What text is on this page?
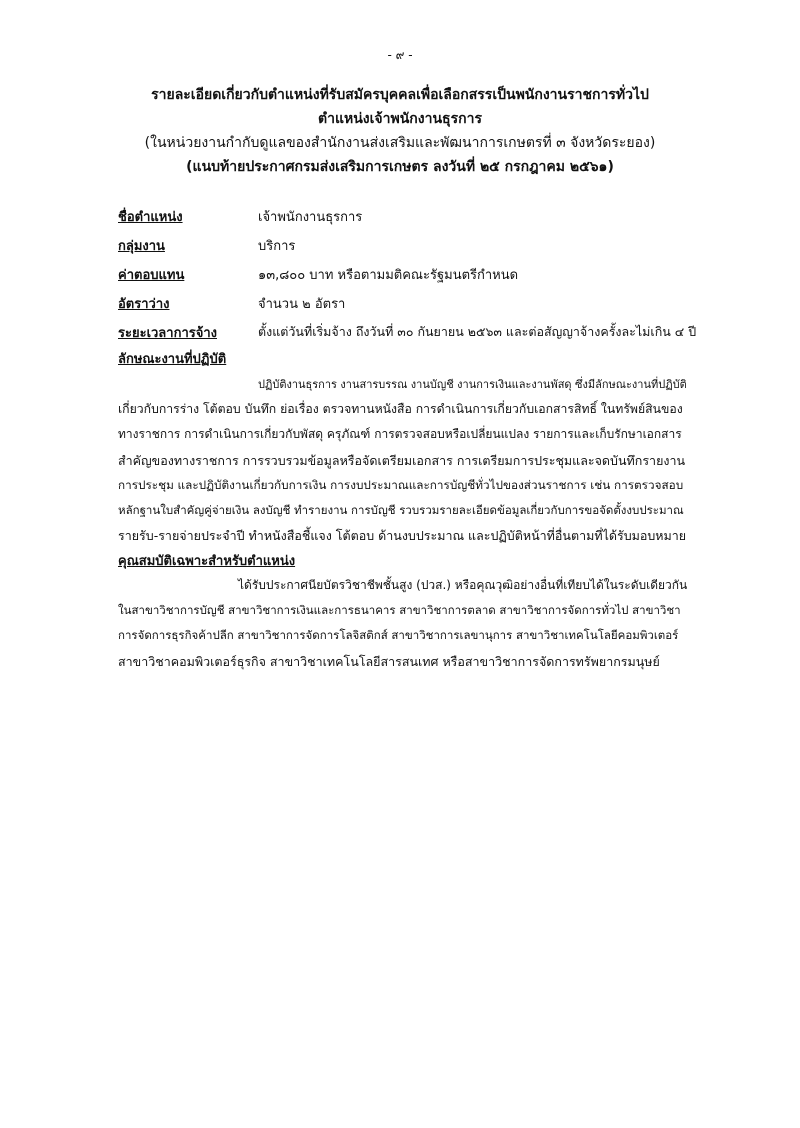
- ๙ -
รายละเอียดเกี่ยวกับตำแหน่งที่รับสมัครบุคคลเพื่อเลือกสรรเป็นพนักงานราชการทั่วไป
ตำแหน่งเจ้าพนักงานธุรการ
(ในหน่วยงานกำกับดูแลของสำนักงานส่งเสริมและพัฒนาการเกษตรที่ ๓ จังหวัดระยอง)
(แนบท้ายประกาศกรมส่งเสริมการเกษตร ลงวันที่ ๒๕ กรกฎาคม ๒๕๖๑)
ชื่อตำแหน่ง	เจ้าพนักงานธุรการ
กลุ่มงาน	บริการ
ค่าตอบแทน	๑๓,๘๐๐ บาท หรือตามมติคณะรัฐมนตรีกำหนด
อัตราว่าง	จำนวน ๒ อัตรา
ระยะเวลาการจ้าง	ตั้งแต่วันที่เริ่มจ้าง ถึงวันที่ ๓๐ กันยายน ๒๕๖๓ และต่อสัญญาจ้างครั้งละไม่เกิน ๔ ปี
ลักษณะงานที่ปฏิบัติ
ปฏิบัติงานธุรการ งานสารบรรณ งานบัญชี งานการเงินและงานพัสดุ ซึ่งมีลักษณะงานที่ปฏิบัติ
เกี่ยวกับการร่าง โต้ตอบ บันทึก ย่อเรื่อง ตรวจทานหนังสือ การดำเนินการเกี่ยวกับเอกสารสิทธิ์ ในทรัพย์สินของ
ทางราชการ การดำเนินการเกี่ยวกับพัสดุ ครุภัณฑ์ การตรวจสอบหรือเปลี่ยนแปลง รายการและเก็บรักษาเอกสาร
สำคัญของทางราชการ การรวบรวมข้อมูลหรือจัดเตรียมเอกสาร การเตรียมการประชุมและจดบันทึกรายงาน
การประชุม และปฏิบัติงานเกี่ยวกับการเงิน การงบประมาณและการบัญชีทั่วไปของส่วนราชการ เช่น การตรวจสอบ
หลักฐานใบสำคัญคู่จ่ายเงิน ลงบัญชี ทำรายงาน การบัญชี รวบรวมรายละเอียดข้อมูลเกี่ยวกับการขอจัดตั้งงบประมาณ
รายรับ-รายจ่ายประจำปี ทำหนังสือชี้แจง โต้ตอบ ด้านงบประมาณ และปฏิบัติหน้าที่อื่นตามที่ได้รับมอบหมาย
คุณสมบัติเฉพาะสำหรับตำแหน่ง
ได้รับประกาศนียบัตรวิชาชีพชั้นสูง (ปวส.) หรือคุณวุฒิอย่างอื่นที่เทียบได้ในระดับเดียวกัน
ในสาขาวิชาการบัญชี สาขาวิชาการเงินและการธนาคาร สาขาวิชาการตลาด สาขาวิชาการจัดการทั่วไป สาขาวิชา
การจัดการธุรกิจค้าปลีก สาขาวิชาการจัดการโลจิสติกส์ สาขาวิชาการเลขานุการ สาขาวิชาเทคโนโลยีคอมพิวเตอร์
สาขาวิชาคอมพิวเตอร์ธุรกิจ สาขาวิชาเทคโนโลยีสารสนเทศ หรือสาขาวิชาการจัดการทรัพยากรมนุษย์
